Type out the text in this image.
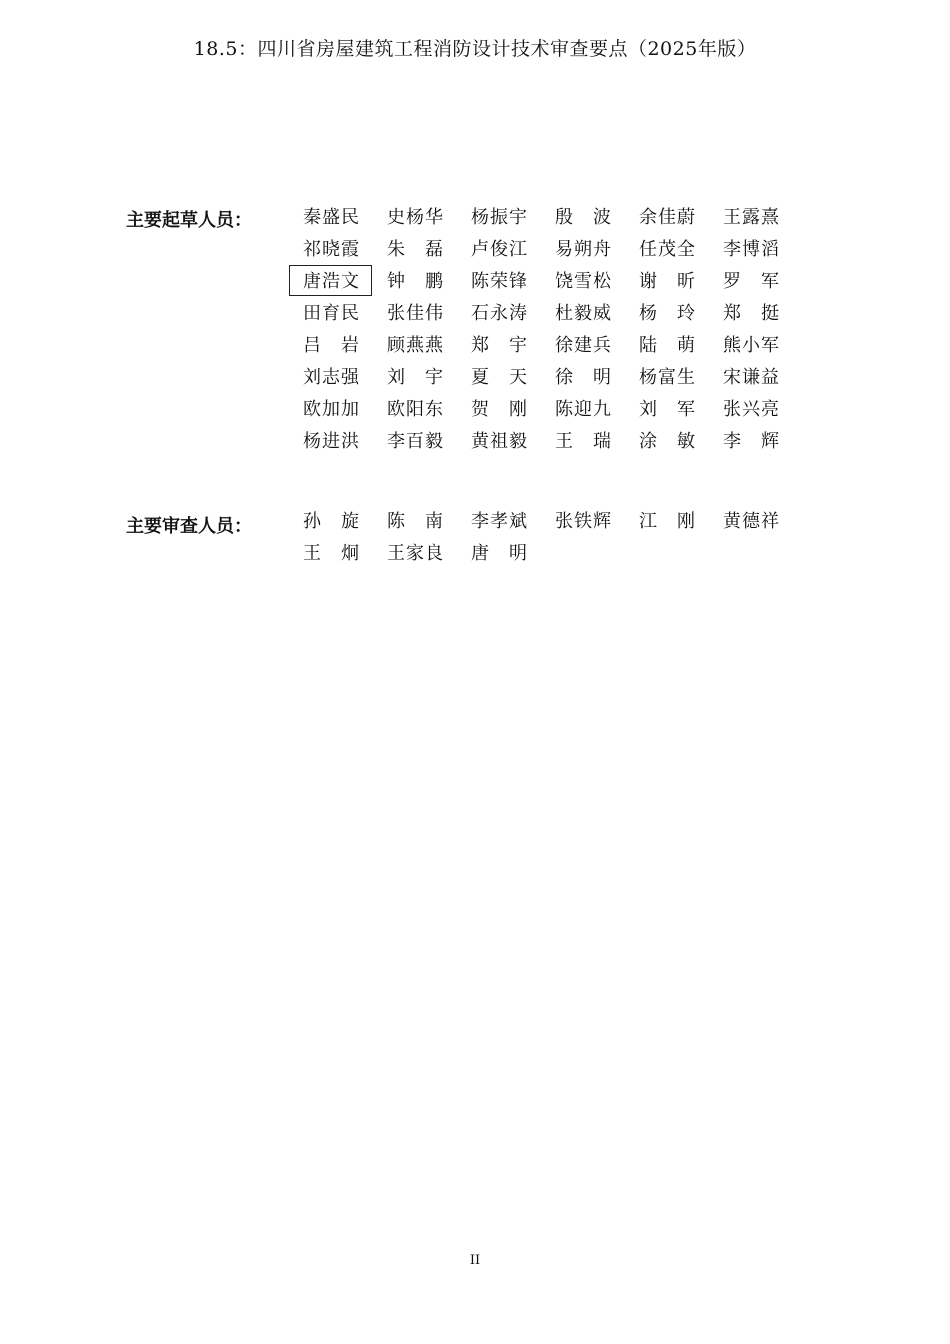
18.5：四川省房屋建筑工程消防设计技术审查要点（2025年版）
主要起草人员：	秦盛民 史杨华 杨振宇 殷　波 余佳蔚 王露熹
祁晓霞 朱　磊 卢俊江 易朔舟 任茂全 李博滔
唐浩文 钟　鹏 陈荣锋 饶雪松 谢　昕 罗　军
田育民 张佳伟 石永涛 杜毅威 杨　玲 郑　挺
吕　岩 顾燕燕 郑　宇 徐建兵 陆　萌 熊小军
刘志强 刘　宇 夏　天 徐　明 杨富生 宋谦益
欧加加 欧阳东 贺　刚 陈迎九 刘　军 张兴亮
杨进洪 李百毅 黄祖毅 王　瑞 涂　敏 李　辉
主要审查人员：	孙　旋 陈　南 李孝斌 张铁辉 江　刚 黄德祥
王　炯 王家良 唐　明
II
